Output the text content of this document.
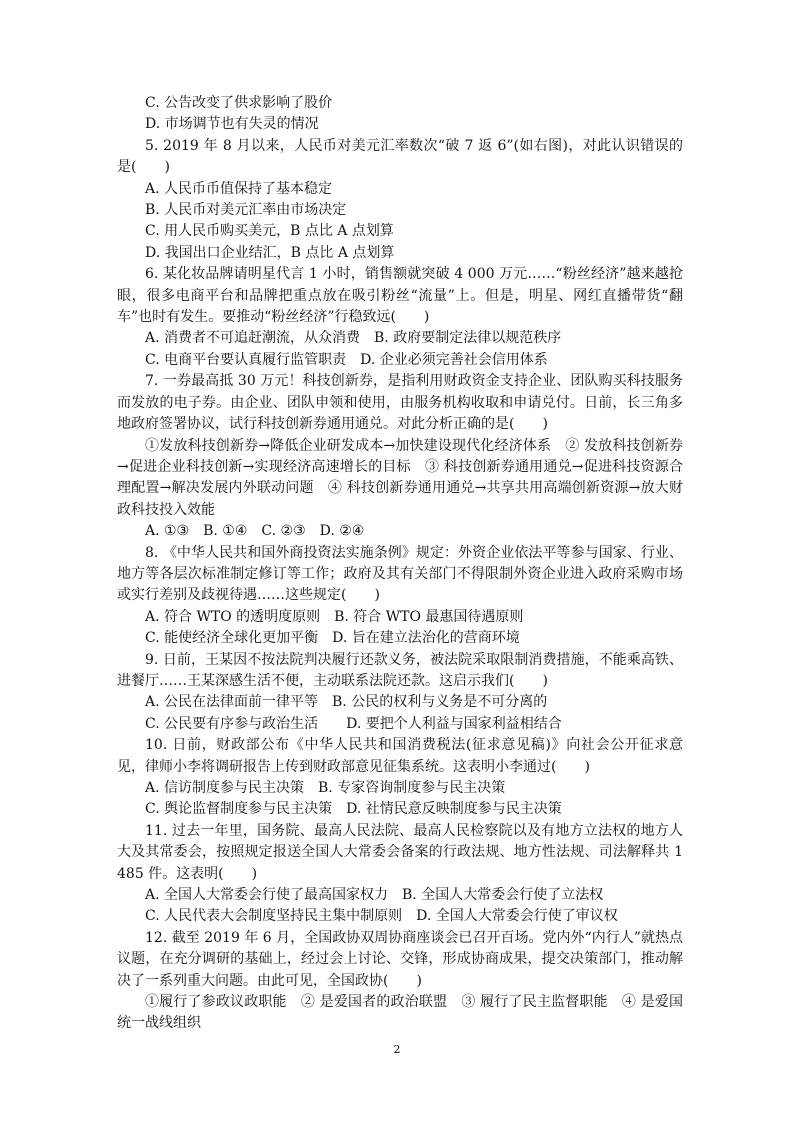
C. 公告改变了供求影响了股价
D. 市场调节也有失灵的情况
5. 2019 年 8 月以来，人民币对美元汇率数次“破 7 返 6”(如右图)，对此认识错误的是(　　)
A. 人民币币值保持了基本稳定
B. 人民币对美元汇率由市场决定
C. 用人民币购买美元，B 点比 A 点划算
D. 我国出口企业结汇，B 点比 A 点划算
6. 某化妆品牌请明星代言 1 小时，销售额就突破 4 000 万元……“粉丝经济”越来越抢眼，很多电商平台和品牌把重点放在吸引粉丝“流量”上。但是，明星、网红直播带货“翻车”也时有发生。要推动“粉丝经济”行稳致远(　　)
A. 消费者不可追赶潮流，从众消费　B. 政府要制定法律以规范秩序
C. 电商平台要认真履行监管职责　D. 企业必须完善社会信用体系
7. 一券最高抵 30 万元！科技创新券，是指利用财政资金支持企业、团队购买科技服务而发放的电子券。由企业、团队申领和使用，由服务机构收取和申请兑付。日前，长三角多地政府签署协议，试行科技创新券通用通兑。对此分析正确的是(　　)
①发放科技创新券→降低企业研发成本→加快建设现代化经济体系　② 发放科技创新券→促进企业科技创新→实现经济高速增长的目标　③ 科技创新券通用通兑→促进科技资源合理配置→解决发展内外联动问题　④ 科技创新券通用通兑→共享共用高端创新资源→放大财政科技投入效能
A. ①③　B. ①④　C. ②③　D. ②④
8. 《中华人民共和国外商投资法实施条例》规定：外资企业依法平等参与国家、行业、地方等各层次标准制定修订等工作；政府及其有关部门不得限制外资企业进入政府采购市场或实行差别及歧视待遇……这些规定(　　)
A. 符合 WTO 的透明度原则　B. 符合 WTO 最惠国待遇原则
C. 能使经济全球化更加平衡　D. 旨在建立法治化的营商环境
9. 日前，王某因不按法院判决履行还款义务，被法院采取限制消费措施，不能乘高铁、进餐厅……王某深感生活不便，主动联系法院还款。这启示我们(　　)
A. 公民在法律面前一律平等　B. 公民的权利与义务是不可分离的
C. 公民要有序参与政治生活　　D. 要把个人利益与国家利益相结合
10. 日前，财政部公布《中华人民共和国消费税法(征求意见稿)》向社会公开征求意见，律师小李将调研报告上传到财政部意见征集系统。这表明小李通过(　　)
A. 信访制度参与民主决策　B. 专家咨询制度参与民主决策
C. 舆论监督制度参与民主决策　D. 社情民意反映制度参与民主决策
11. 过去一年里，国务院、最高人民法院、最高人民检察院以及有地方立法权的地方人大及其常委会，按照规定报送全国人大常委会备案的行政法规、地方性法规、司法解释共 1 485 件。这表明(　　)
A. 全国人大常委会行使了最高国家权力　B. 全国人大常委会行使了立法权
C. 人民代表大会制度坚持民主集中制原则　D. 全国人大常委会行使了审议权
12. 截至 2019 年 6 月，全国政协双周协商座谈会已召开百场。党内外“内行人”就热点议题，在充分调研的基础上，经过会上讨论、交锋，形成协商成果，提交决策部门，推动解决了一系列重大问题。由此可见，全国政协(　　)
①履行了参政议政职能　② 是爱国者的政治联盟　③ 履行了民主监督职能　④ 是爱国统一战线组织
2
